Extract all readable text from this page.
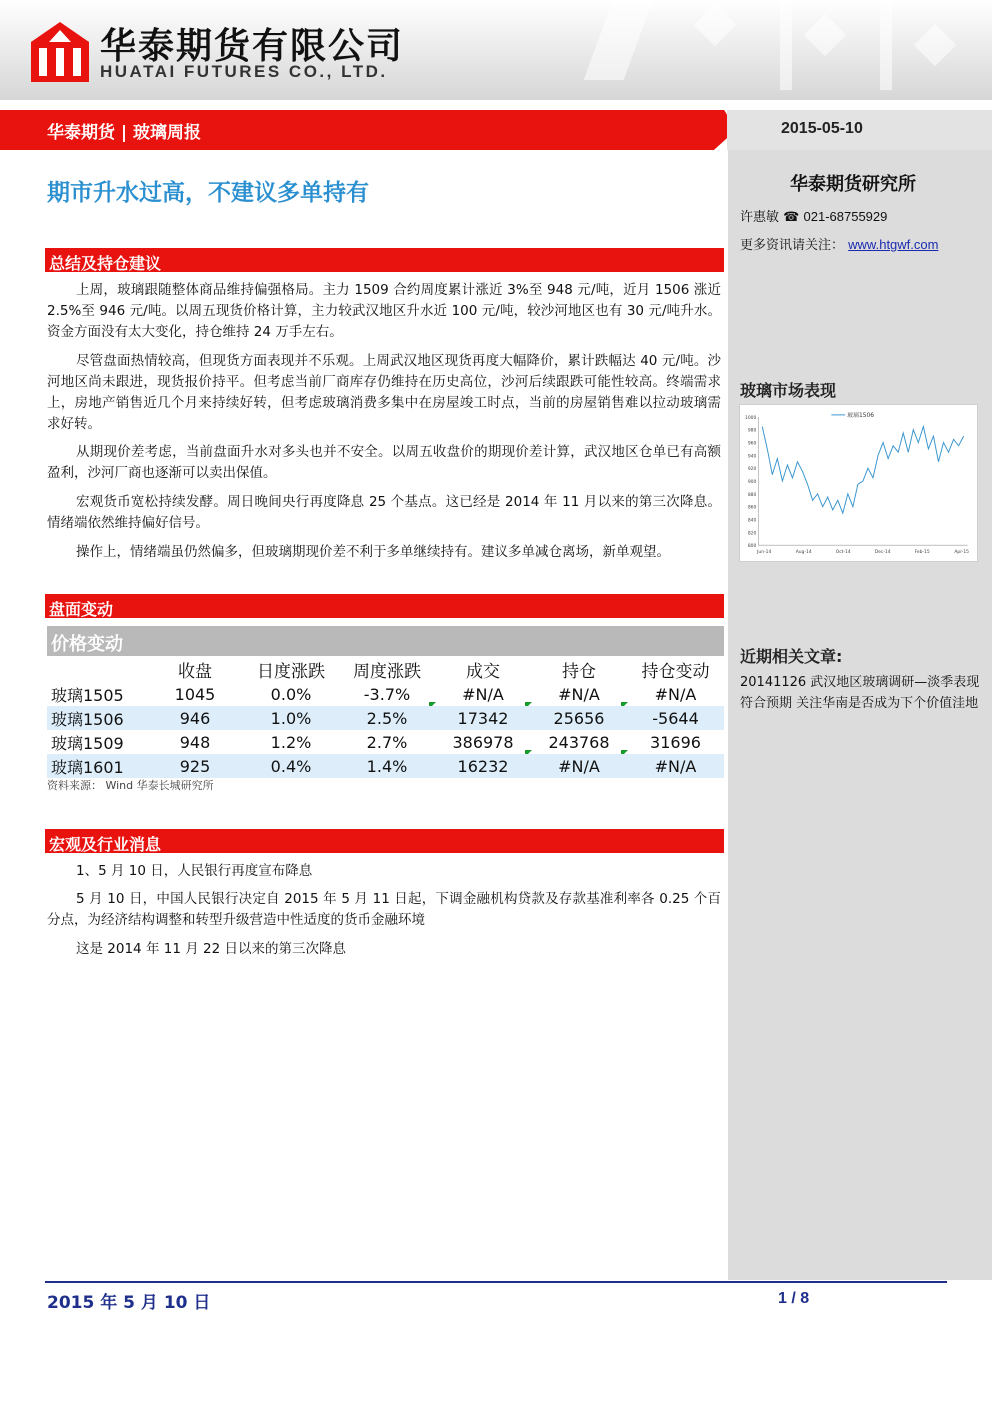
华泰期货有限公司
HUATAI FUTURES CO., LTD.
华泰期货 | 玻璃周报	2015-05-10
华泰期货研究所
许惠敏 ☎ 021-68755929
更多资讯请关注： www.htgwf.com
玻璃市场表现
800
820
840
860
880
900
920
940
960
980
1000
Jun-14	Aug-14	Oct-14	Dec-14	Feb-15	Apr-15
玻璃1506
近期相关文章:
20141126 武汉地区玻璃调研—淡季表现符合预期 关注华南是否成为下个价值洼地
期市升水过高，不建议多单持有
总结及持仓建议

上周，玻璃跟随整体商品维持偏强格局。主力 1509 合约周度累计涨近 3%至 948 元/吨，近月 1506 涨近 2.5%至 946 元/吨。以周五现货价格计算，主力较武汉地区升水近 100 元/吨，较沙河地区也有 30 元/吨升水。资金方面没有太大变化，持仓维持 24 万手左右。

尽管盘面热情较高，但现货方面表现并不乐观。上周武汉地区现货再度大幅降价，累计跌幅达 40 元/吨。沙河地区尚未跟进，现货报价持平。但考虑当前厂商库存仍维持在历史高位，沙河后续跟跌可能性较高。终端需求上，房地产销售近几个月来持续好转，但考虑玻璃消费多集中在房屋竣工时点，当前的房屋销售难以拉动玻璃需求好转。

从期现价差考虑，当前盘面升水对多头也并不安全。以周五收盘价的期现价差计算，武汉地区仓单已有高额盈利，沙河厂商也逐渐可以卖出保值。

宏观货币宽松持续发酵。周日晚间央行再度降息 25 个基点。这已经是 2014 年 11 月以来的第三次降息。情绪端依然维持偏好信号。

操作上，情绪端虽仍然偏多，但玻璃期现价差不利于多单继续持有。建议多单减仓离场，新单观望。

盘面变动
价格变动
	收盘	日度涨跌	周度涨跌	成交	持仓	持仓变动
玻璃1505	1045	0.0%	-3.7%	#N/A	#N/A	#N/A
玻璃1506	946	1.0%	2.5%	17342	25656	-5644
玻璃1509	948	1.2%	2.7%	386978	243768	31696
玻璃1601	925	0.4%	1.4%	16232	#N/A	#N/A
资料来源： Wind 华泰长城研究所
宏观及行业消息

1、5 月 10 日，人民银行再度宣布降息

5 月 10 日，中国人民银行决定自 2015 年 5 月 11 日起，下调金融机构贷款及存款基准利率各 0.25 个百分点，为经济结构调整和转型升级营造中性适度的货币金融环境

这是 2014 年 11 月 22 日以来的第三次降息

2015 年 5 月 10 日	1 / 8
